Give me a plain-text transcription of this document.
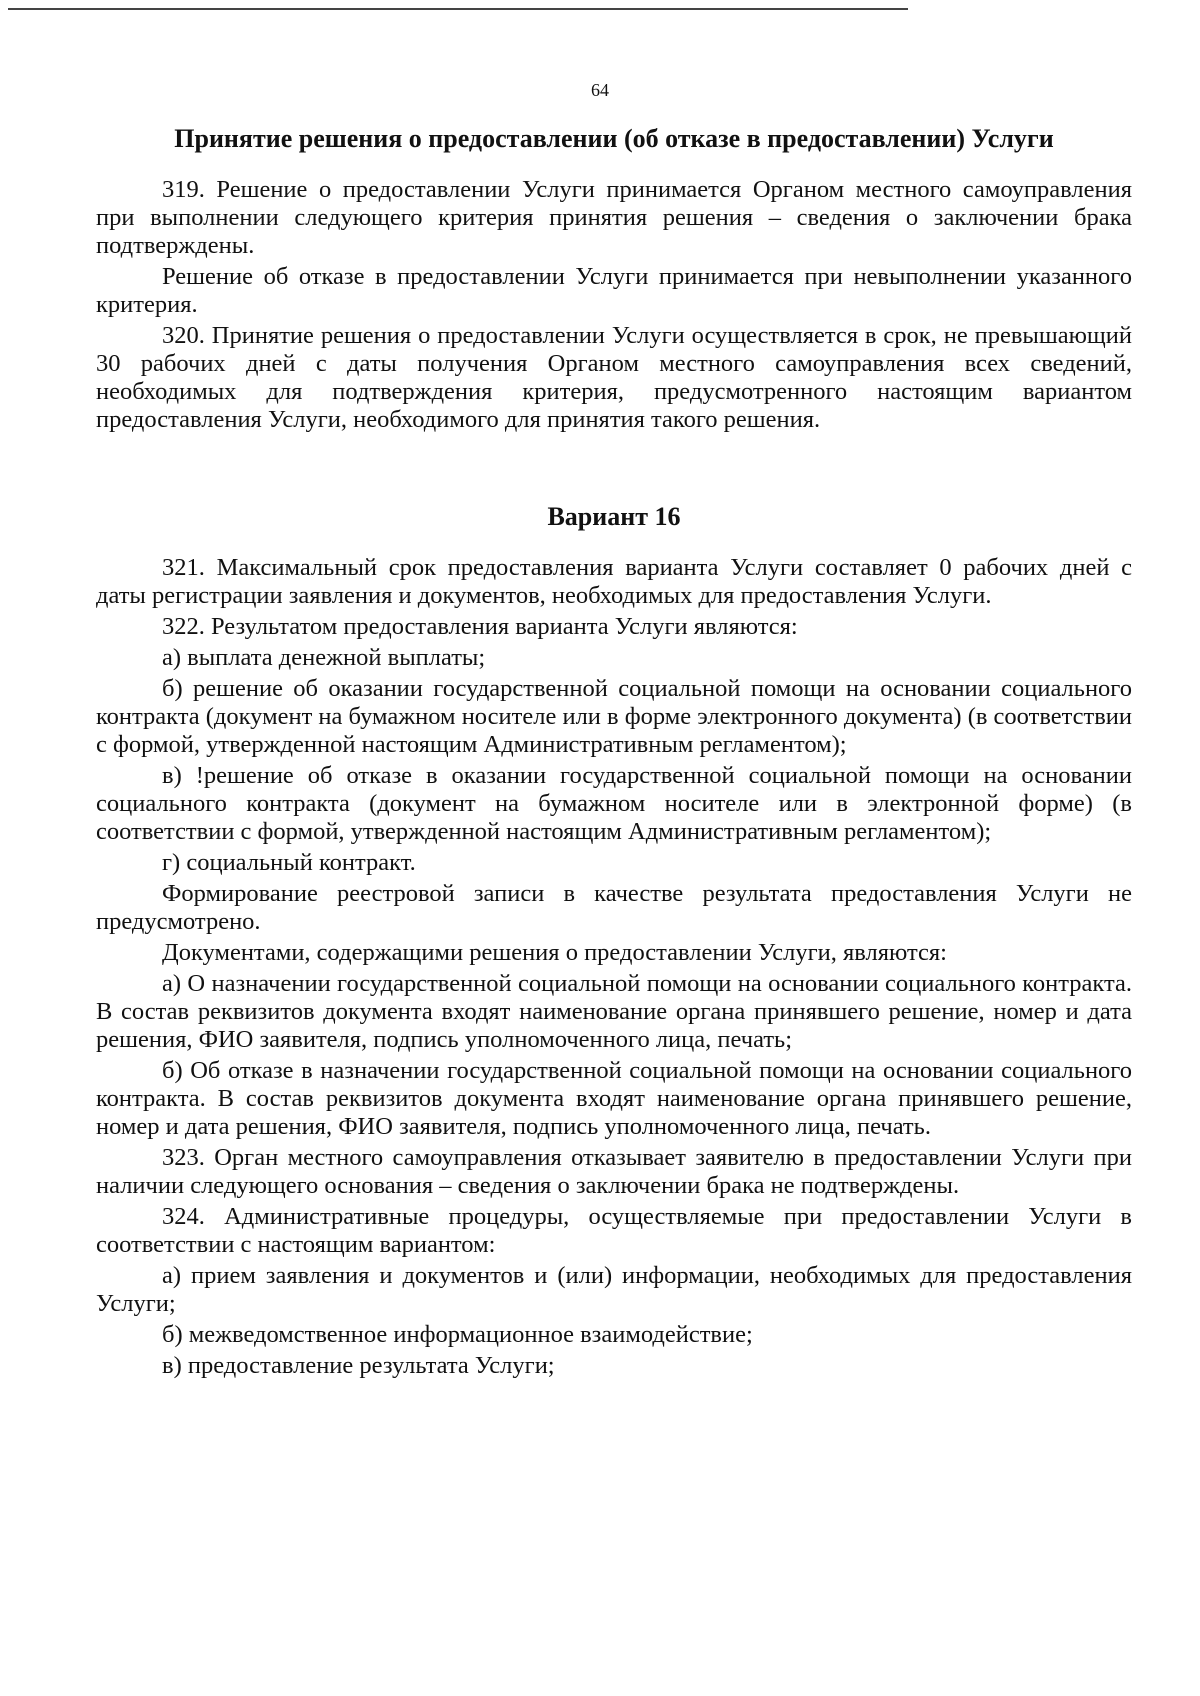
64
Принятие решения о предоставлении (об отказе в предоставлении) Услуги

319. Решение о предоставлении Услуги принимается Органом местного самоуправления при выполнении следующего критерия принятия решения – сведения о заключении брака подтверждены.

Решение об отказе в предоставлении Услуги принимается при невыполнении указанного критерия.

320. Принятие решения о предоставлении Услуги осуществляется в срок, не превышающий 30 рабочих дней с даты получения Органом местного самоуправления всех сведений, необходимых для подтверждения критерия, предусмотренного настоящим вариантом предоставления Услуги, необходимого для принятия такого решения.

Вариант 16

321. Максимальный срок предоставления варианта Услуги составляет 0 рабочих дней с даты регистрации заявления и документов, необходимых для предоставления Услуги.

322. Результатом предоставления варианта Услуги являются:

а) выплата денежной выплаты;

б) решение об оказании государственной социальной помощи на основании социального контракта (документ на бумажном носителе или в форме электронного документа) (в соответствии с формой, утвержденной настоящим Административным регламентом);

в) !решение об отказе в оказании государственной социальной помощи на основании социального контракта (документ на бумажном носителе или в электронной форме) (в соответствии с формой, утвержденной настоящим Административным регламентом);

г) социальный контракт.

Формирование реестровой записи в качестве результата предоставления Услуги не предусмотрено.

Документами, содержащими решения о предоставлении Услуги, являются:

а) О назначении государственной социальной помощи на основании социального контракта. В состав реквизитов документа входят наименование органа принявшего решение, номер и дата решения, ФИО заявителя, подпись уполномоченного лица, печать;

б) Об отказе в назначении государственной социальной помощи на основании социального контракта. В состав реквизитов документа входят наименование органа принявшего решение, номер и дата решения, ФИО заявителя, подпись уполномоченного лица, печать.

323. Орган местного самоуправления отказывает заявителю в предоставлении Услуги при наличии следующего основания – сведения о заключении брака не подтверждены.

324. Административные процедуры, осуществляемые при предоставлении Услуги в соответствии с настоящим вариантом:

а) прием заявления и документов и (или) информации, необходимых для предоставления Услуги;

б) межведомственное информационное взаимодействие;

в) предоставление результата Услуги;
